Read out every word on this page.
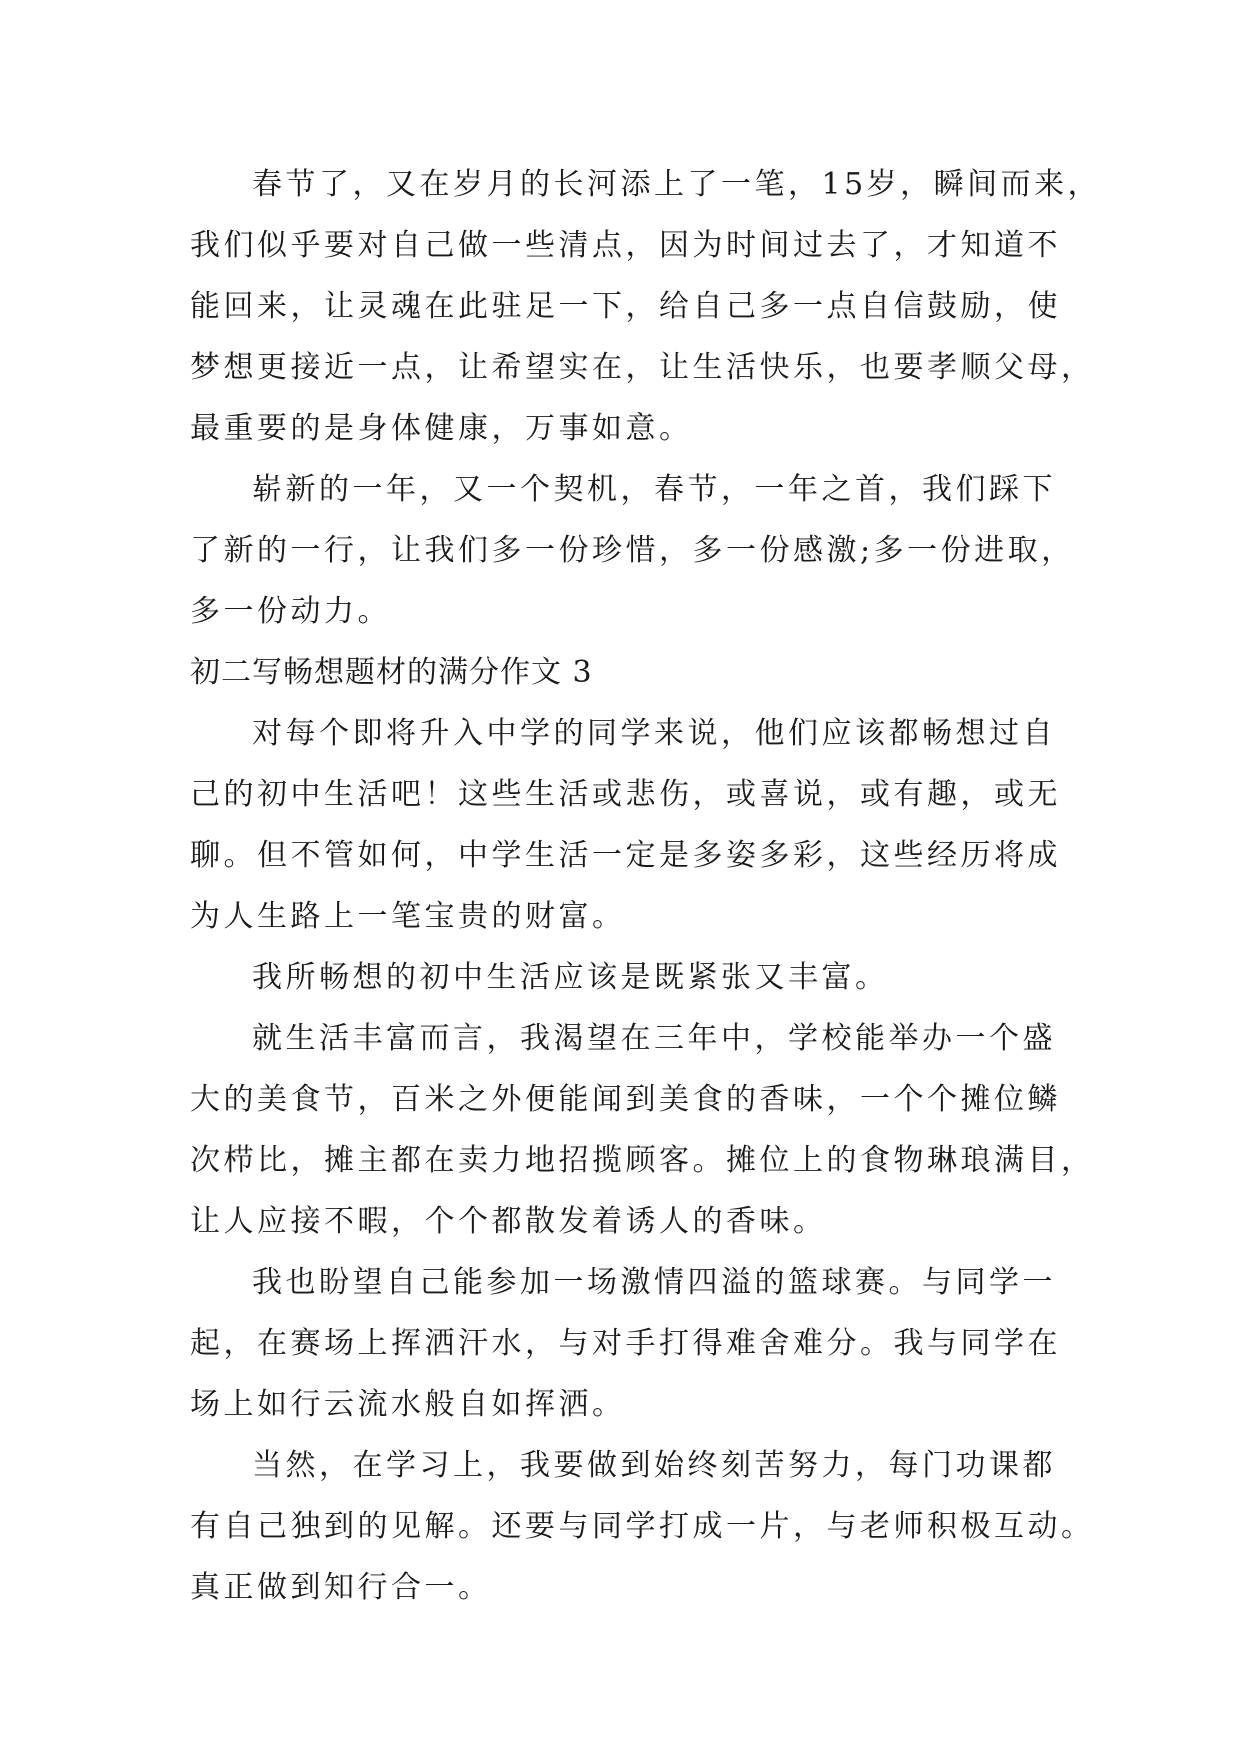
春节了，又在岁月的长河添上了一笔，15岁，瞬间而来，
我们似乎要对自己做一些清点，因为时间过去了，才知道不
能回来，让灵魂在此驻足一下，给自己多一点自信鼓励，使
梦想更接近一点，让希望实在，让生活快乐，也要孝顺父母，
最重要的是身体健康，万事如意。
崭新的一年，又一个契机，春节，一年之首，我们踩下
了新的一行，让我们多一份珍惜，多一份感激;多一份进取，
多一份动力。
初二写畅想题材的满分作文 3
对每个即将升入中学的同学来说，他们应该都畅想过自
己的初中生活吧！这些生活或悲伤，或喜说，或有趣，或无
聊。但不管如何，中学生活一定是多姿多彩，这些经历将成
为人生路上一笔宝贵的财富。
我所畅想的初中生活应该是既紧张又丰富。
就生活丰富而言，我渴望在三年中，学校能举办一个盛
大的美食节，百米之外便能闻到美食的香味，一个个摊位鳞
次栉比，摊主都在卖力地招揽顾客。摊位上的食物琳琅满目，
让人应接不暇，个个都散发着诱人的香味。
我也盼望自己能参加一场激情四溢的篮球赛。与同学一
起，在赛场上挥洒汗水，与对手打得难舍难分。我与同学在
场上如行云流水般自如挥洒。
当然，在学习上，我要做到始终刻苦努力，每门功课都
有自己独到的见解。还要与同学打成一片，与老师积极互动。
真正做到知行合一。
